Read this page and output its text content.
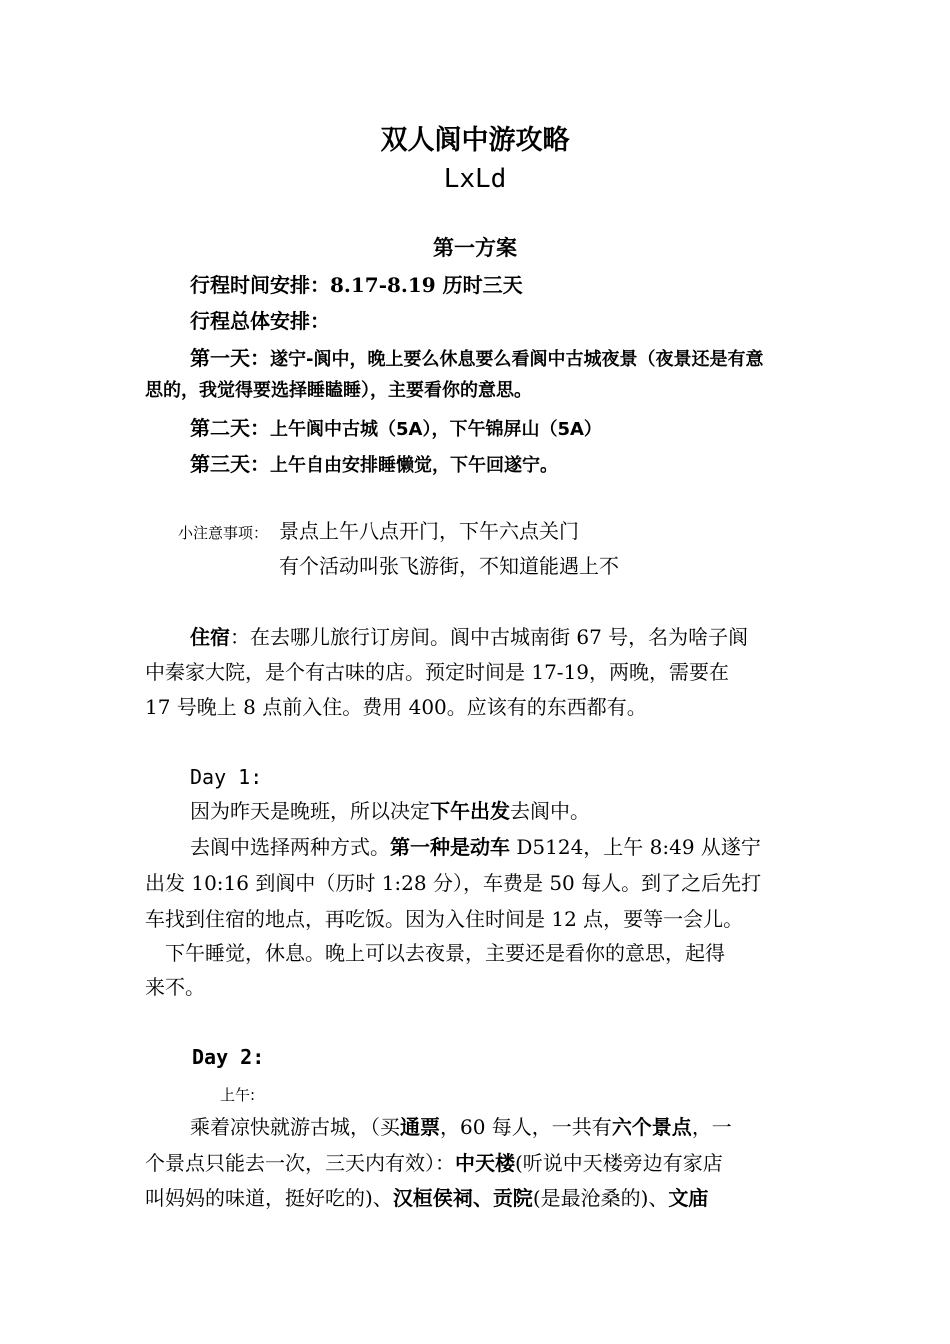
双人阆中游攻略
LxLd
第一方案
行程时间安排：8.17-8.19 历时三天
行程总体安排：
第一天：遂宁-阆中，晚上要么休息要么看阆中古城夜景（夜景还是有意
思的，我觉得要选择睡瞌睡），主要看你的意思。
第二天：上午阆中古城（5A），下午锦屏山（5A）
第三天：上午自由安排睡懒觉，下午回遂宁。
小注意事项： 景点上午八点开门，下午六点关门
有个活动叫张飞游街，不知道能遇上不
住宿：在去哪儿旅行订房间。阆中古城南街 67 号，名为啥子阆
中秦家大院，是个有古味的店。预定时间是 17-19，两晚，需要在
17 号晚上 8 点前入住。费用 400。应该有的东西都有。
Day 1:
因为昨天是晚班，所以决定下午出发去阆中。
去阆中选择两种方式。第一种是动车 D5124，上午 8:49 从遂宁
出发 10:16 到阆中（历时 1:28 分），车费是 50 每人。到了之后先打
车找到住宿的地点，再吃饭。因为入住时间是 12 点，要等一会儿。
下午睡觉，休息。晚上可以去夜景，主要还是看你的意思，起得
来不。
Day 2:
上午:
乘着凉快就游古城，（买通票，60 每人，一共有六个景点，一
个景点只能去一次，三天内有效）：中天楼(听说中天楼旁边有家店
叫妈妈的味道，挺好吃的)、汉桓侯祠、贡院(是最沧桑的)、文庙
